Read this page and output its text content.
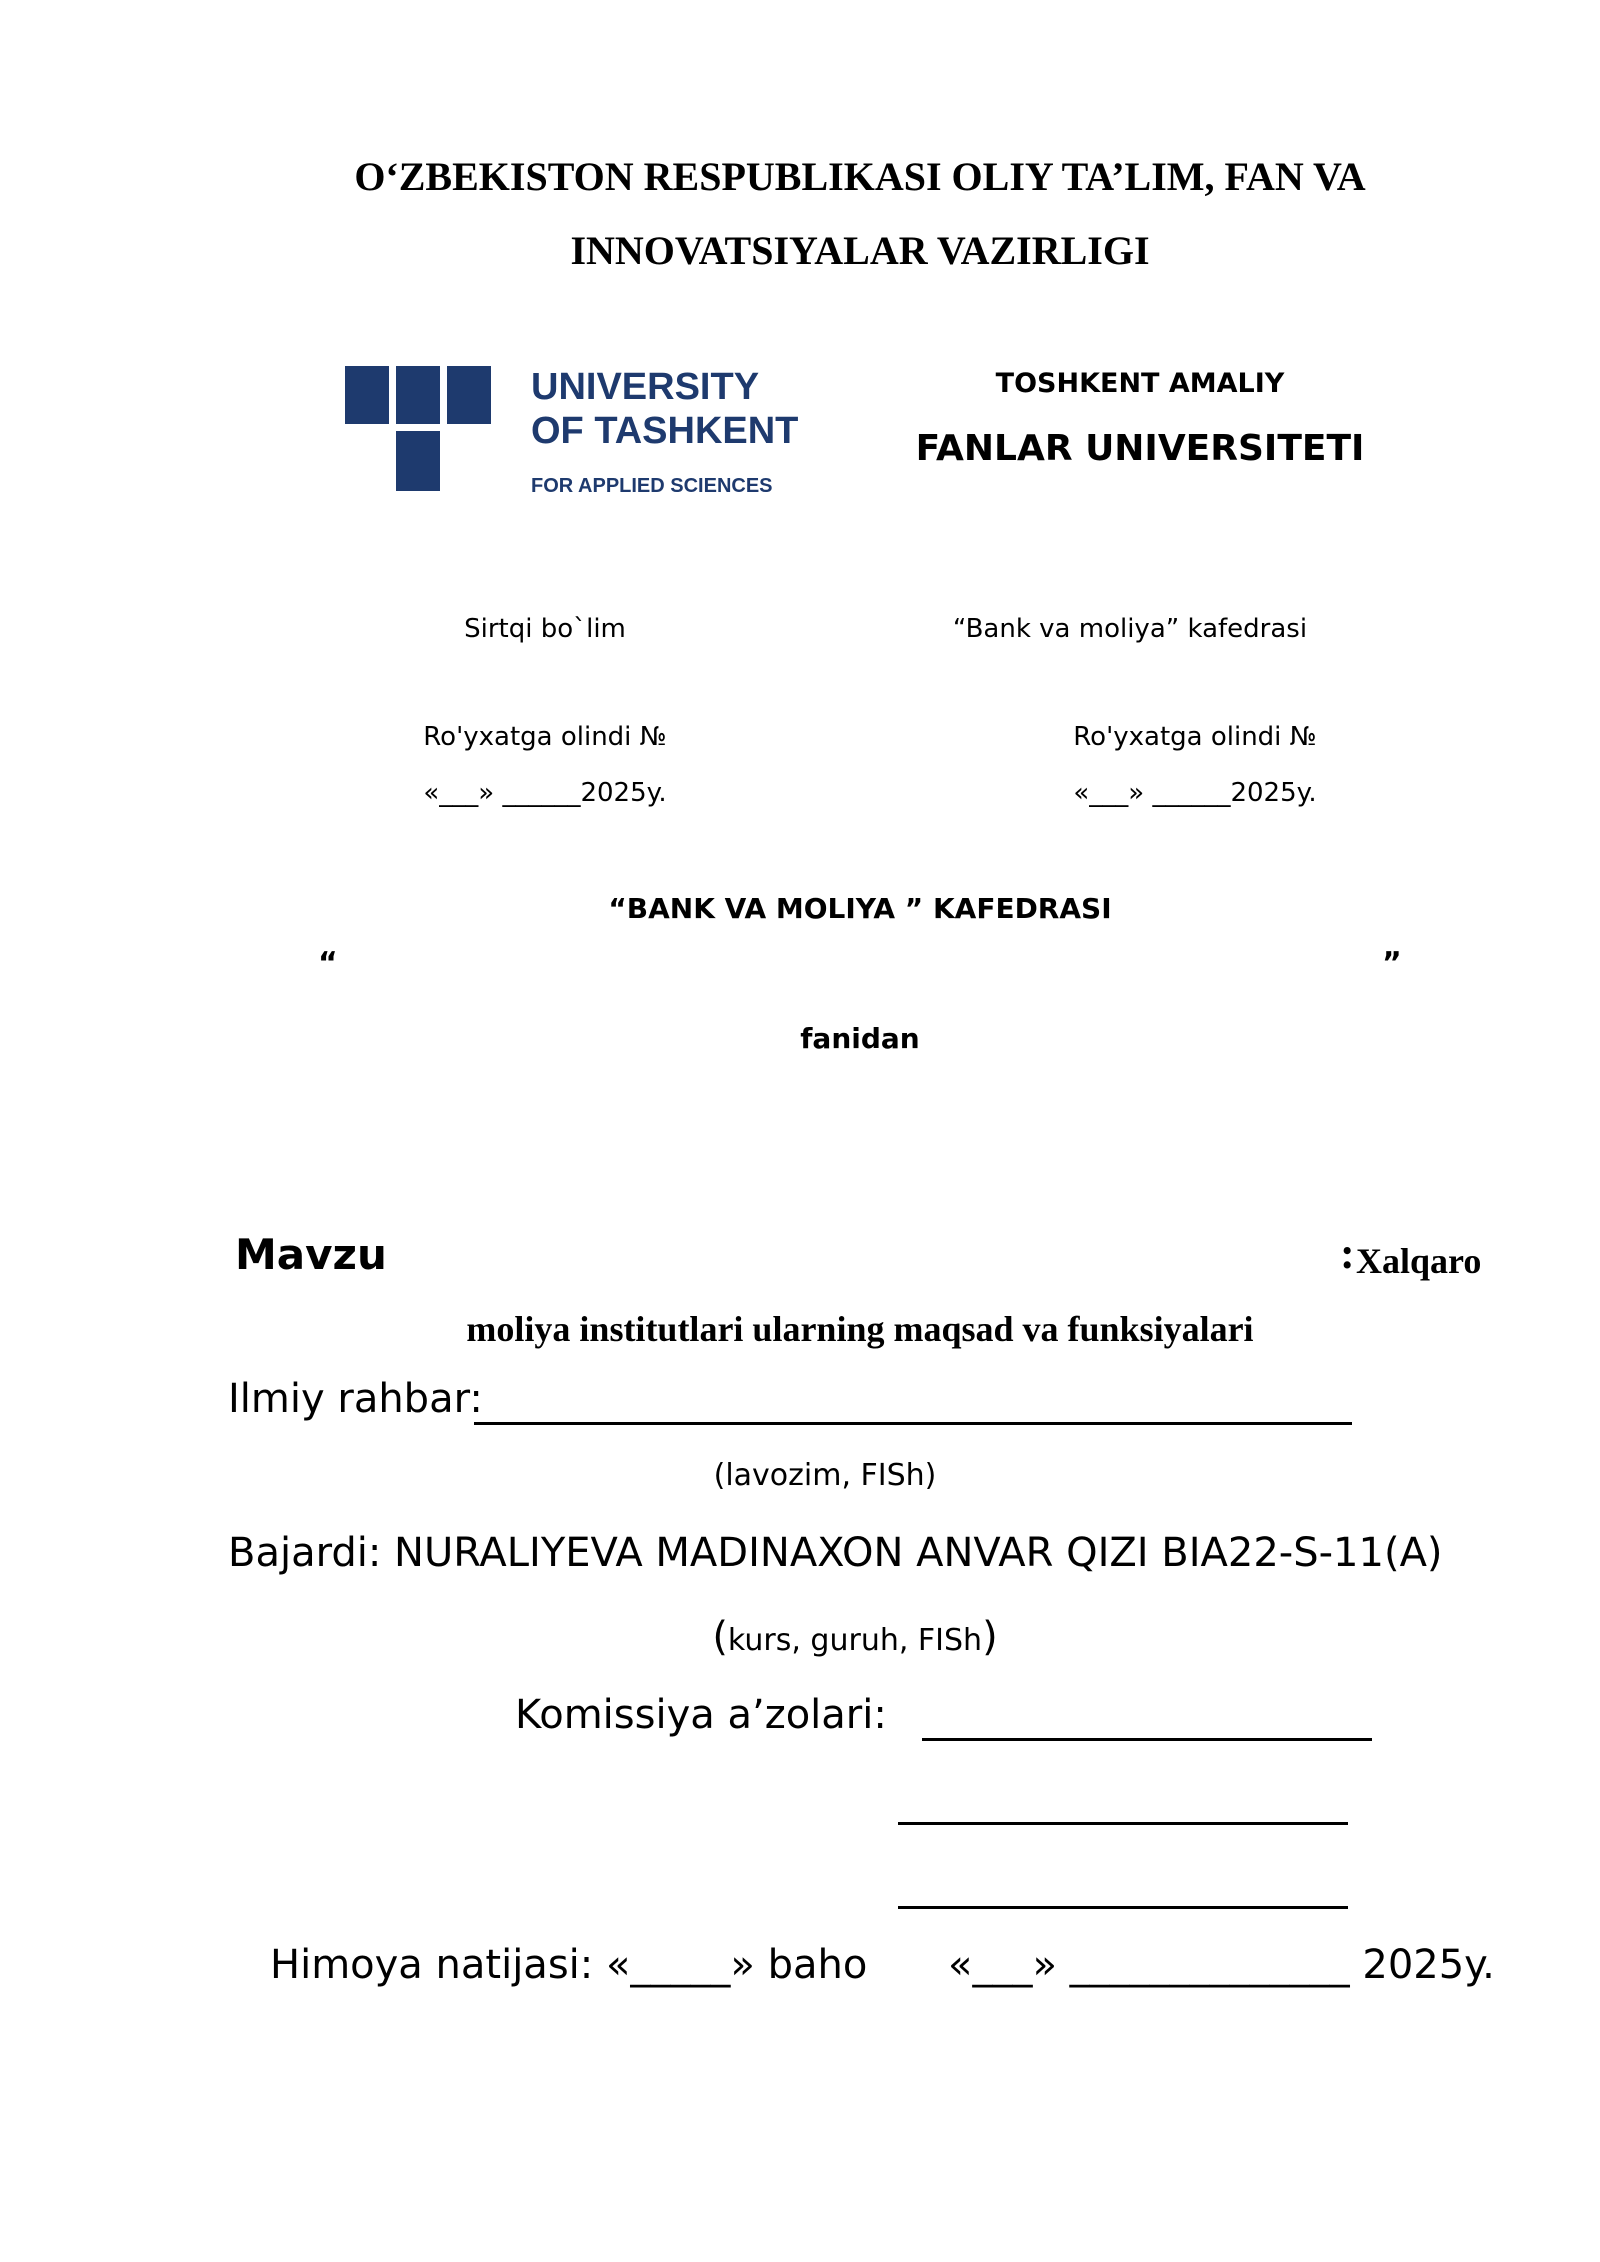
O‘ZBEKISTON RESPUBLIKASI OLIY TA’LIM, FAN VA
INNOVATSIYALAR VAZIRLIGI
UNIVERSITY
OF TASHKENT
FOR APPLIED SCIENCES
TOSHKENT AMALIY
FANLAR UNIVERSITETI
Sirtqi bo`lim	“Bank va moliya” kafedrasi
Ro'yxatga olindi №	Ro'yxatga olindi №
«___» ______2025y.	«___» ______2025y.
“BANK VA MOLIYA ” KAFEDRASI
“	”
fanidan
Mavzu	: Xalqaro
moliya institutlari ularning maqsad va funksiyalari
Ilmiy rahbar:
(lavozim, FISh)
Bajardi: NURALIYEVA MADINAXON ANVAR QIZI BIA22-S-11(A)
(kurs, guruh, FISh)
Komissiya a’zolari:
Himoya natijasi: «_____» baho «___» ______________ 2025y.
